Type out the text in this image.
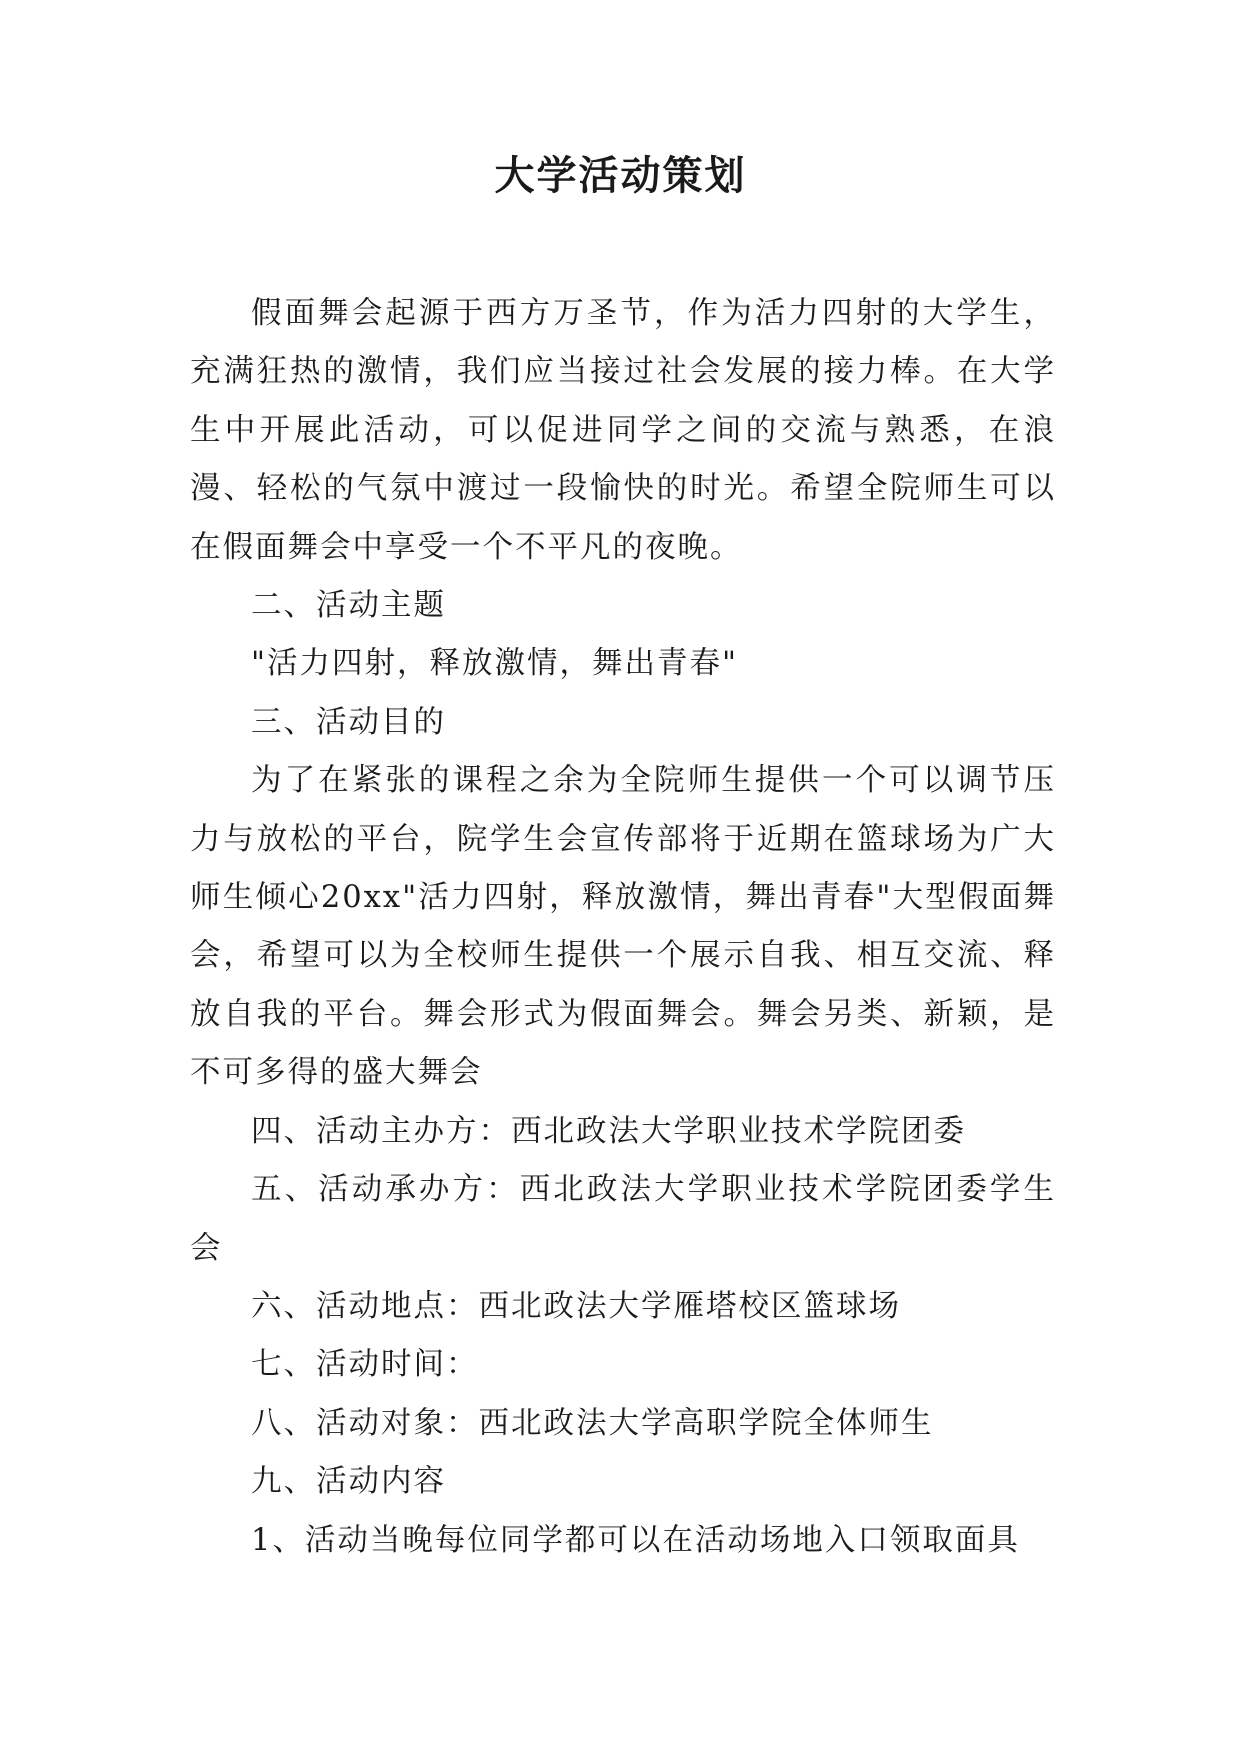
大学活动策划

假面舞会起源于西方万圣节，作为活力四射的大学生，充满狂热的激情，我们应当接过社会发展的接力棒。在大学生中开展此活动，可以促进同学之间的交流与熟悉，在浪漫、轻松的气氛中渡过一段愉快的时光。希望全院师生可以在假面舞会中享受一个不平凡的夜晚。

二、活动主题

"活力四射，释放激情，舞出青春"

三、活动目的

为了在紧张的课程之余为全院师生提供一个可以调节压力与放松的平台，院学生会宣传部将于近期在篮球场为广大师生倾心20xx"活力四射，释放激情，舞出青春"大型假面舞会，希望可以为全校师生提供一个展示自我、相互交流、释放自我的平台。舞会形式为假面舞会。舞会另类、新颖，是不可多得的盛大舞会

四、活动主办方：西北政法大学职业技术学院团委

五、活动承办方：西北政法大学职业技术学院团委学生会

六、活动地点：西北政法大学雁塔校区篮球场

七、活动时间：

八、活动对象：西北政法大学高职学院全体师生

九、活动内容

1、活动当晚每位同学都可以在活动场地入口领取面具
